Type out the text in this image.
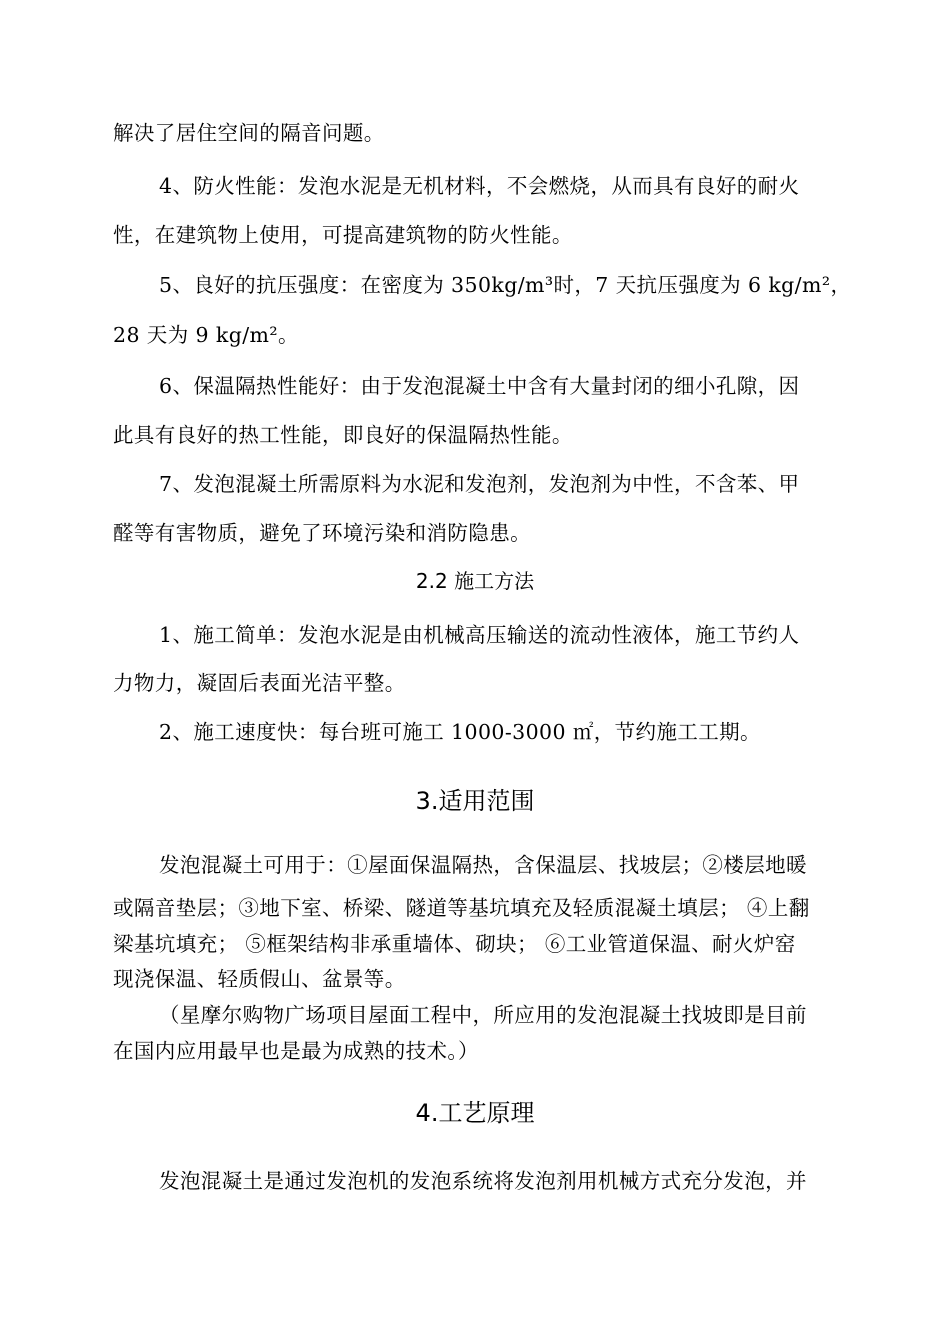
解决了居住空间的隔音问题。
4、防火性能：发泡水泥是无机材料，不会燃烧，从而具有良好的耐火
性，在建筑物上使用，可提高建筑物的防火性能。
5、良好的抗压强度：在密度为 350kg/m³时，7 天抗压强度为 6 kg/m²，
28 天为 9 kg/m²。
6、保温隔热性能好：由于发泡混凝土中含有大量封闭的细小孔隙，因
此具有良好的热工性能，即良好的保温隔热性能。
7、发泡混凝土所需原料为水泥和发泡剂，发泡剂为中性，不含苯、甲
醛等有害物质，避免了环境污染和消防隐患。
2.2 施工方法
1、施工简单：发泡水泥是由机械高压输送的流动性液体，施工节约人
力物力，凝固后表面光洁平整。
2、施工速度快：每台班可施工 1000-3000 ㎡，节约施工工期。
3.适用范围
发泡混凝土可用于：①屋面保温隔热，含保温层、找坡层；②楼层地暖
或隔音垫层；③地下室、桥梁、隧道等基坑填充及轻质混凝土填层； ④上翻
梁基坑填充； ⑤框架结构非承重墙体、砌块； ⑥工业管道保温、耐火炉窑
现浇保温、轻质假山、盆景等。
（星摩尔购物广场项目屋面工程中，所应用的发泡混凝土找坡即是目前
在国内应用最早也是最为成熟的技术。）
4.工艺原理
发泡混凝土是通过发泡机的发泡系统将发泡剂用机械方式充分发泡，并
